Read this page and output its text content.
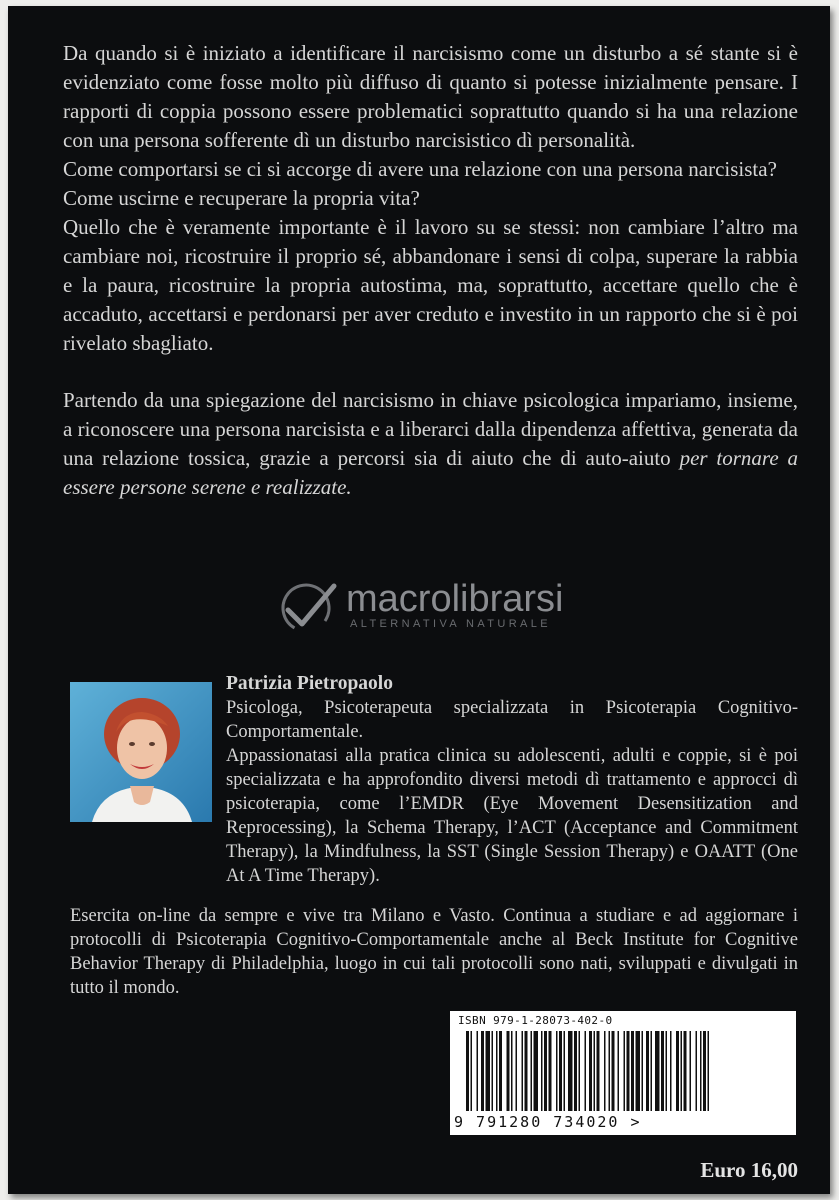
Da quando si è iniziato a identificare il narcisismo come un disturbo a sé stante si è evidenziato come fosse molto più diffuso di quanto si potesse inizialmente pensare. I rapporti di coppia possono essere problematici soprattutto quando si ha una relazione con una persona sofferente dì un disturbo narcisistico dì personalità.

Come comportarsi se ci si accorge di avere una relazione con una persona narcisista?

Come uscirne e recuperare la propria vita?

Quello che è veramente importante è il lavoro su se stessi: non cambiare l’altro ma cambiare noi, ricostruire il proprio sé, abbandonare i sensi di colpa, superare la rabbia e la paura, ricostruire la propria autostima, ma, soprattutto, accettare quello che è accaduto, accettarsi e perdonarsi per aver creduto e investito in un rapporto che si è poi rivelato sbagliato.

Partendo da una spiegazione del narcisismo in chiave psicologica impariamo, insieme, a riconoscere una persona narcisista e a liberarci dalla dipendenza affettiva, generata da una relazione tossica, grazie a percorsi sia di aiuto che di auto-aiuto per tornare a essere persone serene e realizzate.

macrolibrarsi
ALTERNATIVA NATURALE

Patrizia Pietropaolo

Psicologa, Psicoterapeuta specializzata in Psicoterapia Cognitivo-Comportamentale.

Appassionatasi alla pratica clinica su adolescenti, adulti e coppie, si è poi specializzata e ha approfondito diversi metodi dì trattamento e approcci dì psicoterapia, come l’EMDR (Eye Movement Desensitization and Reprocessing), la Schema Therapy, l’ACT (Acceptance and Commitment Therapy), la Mindfulness, la SST (Single Session Therapy) e OAATT (One At A Time Therapy).

Esercita on-line da sempre e vive tra Milano e Vasto. Continua a studiare e ad aggiornare i protocolli di Psicoterapia Cognitivo-Comportamentale anche al Beck Institute for Cognitive Behavior Therapy di Philadelphia, luogo in cui tali protocolli sono nati, sviluppati e divulgati in tutto il mondo.

ISBN 979-1-28073-402-0
9 791280 734020 >
Euro 16,00
